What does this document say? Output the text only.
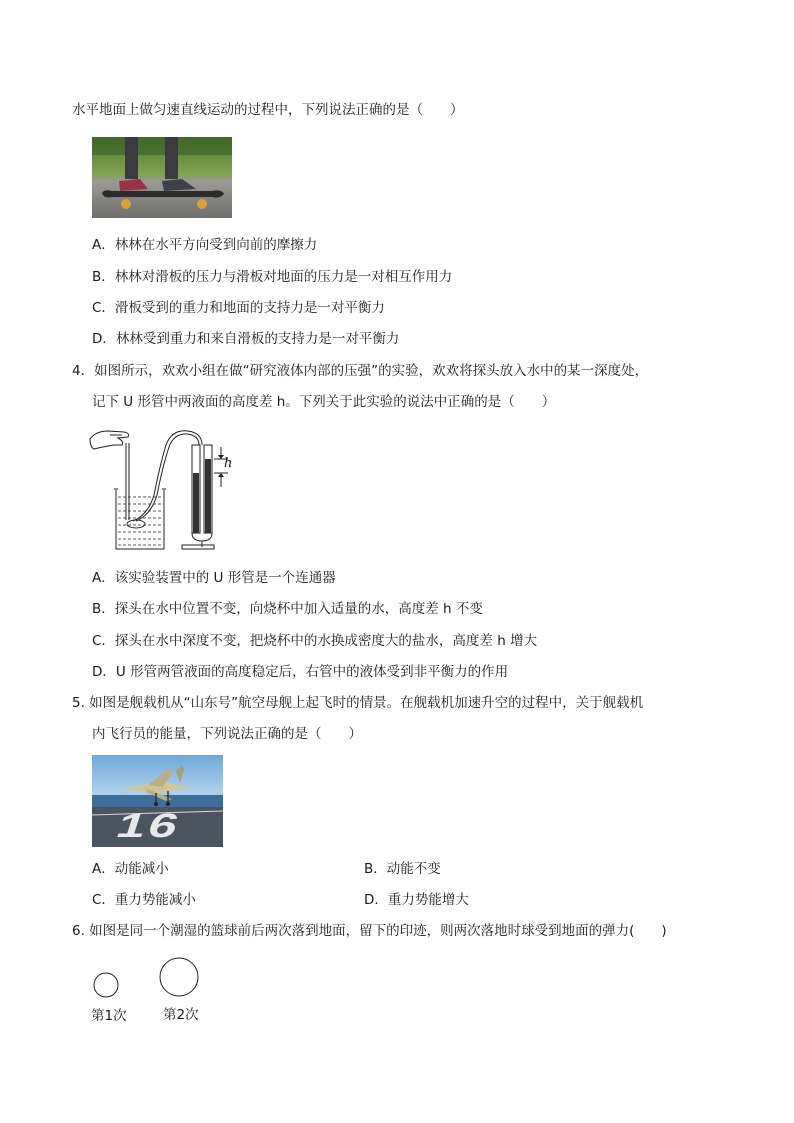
水平地面上做匀速直线运动的过程中，下列说法正确的是（　　）
A．林林在水平方向受到向前的摩擦力
B．林林对滑板的压力与滑板对地面的压力是一对相互作用力
C．滑板受到的重力和地面的支持力是一对平衡力
D．林林受到重力和来自滑板的支持力是一对平衡力
4．如图所示，欢欢小组在做“研究液体内部的压强”的实验，欢欢将探头放入水中的某一深度处，
记下 U 形管中两液面的高度差 h。下列关于此实验的说法中正确的是（　　）
h
A．该实验装置中的 U 形管是一个连通器
B．探头在水中位置不变，向烧杯中加入适量的水，高度差 h 不变
C．探头在水中深度不变，把烧杯中的水换成密度大的盐水，高度差 h 增大
D．U 形管两管液面的高度稳定后，右管中的液体受到非平衡力的作用
5. 如图是舰载机从“山东号”航空母舰上起飞时的情景。在舰载机加速升空的过程中，关于舰载机
内飞行员的能量，下列说法正确的是（　　）
16
A．动能减小	B．动能不变
C．重力势能减小	D．重力势能增大
6. 如图是同一个潮湿的篮球前后两次落到地面，留下的印迹，则两次落地时球受到地面的弹力(　　)
第1次	第2次
